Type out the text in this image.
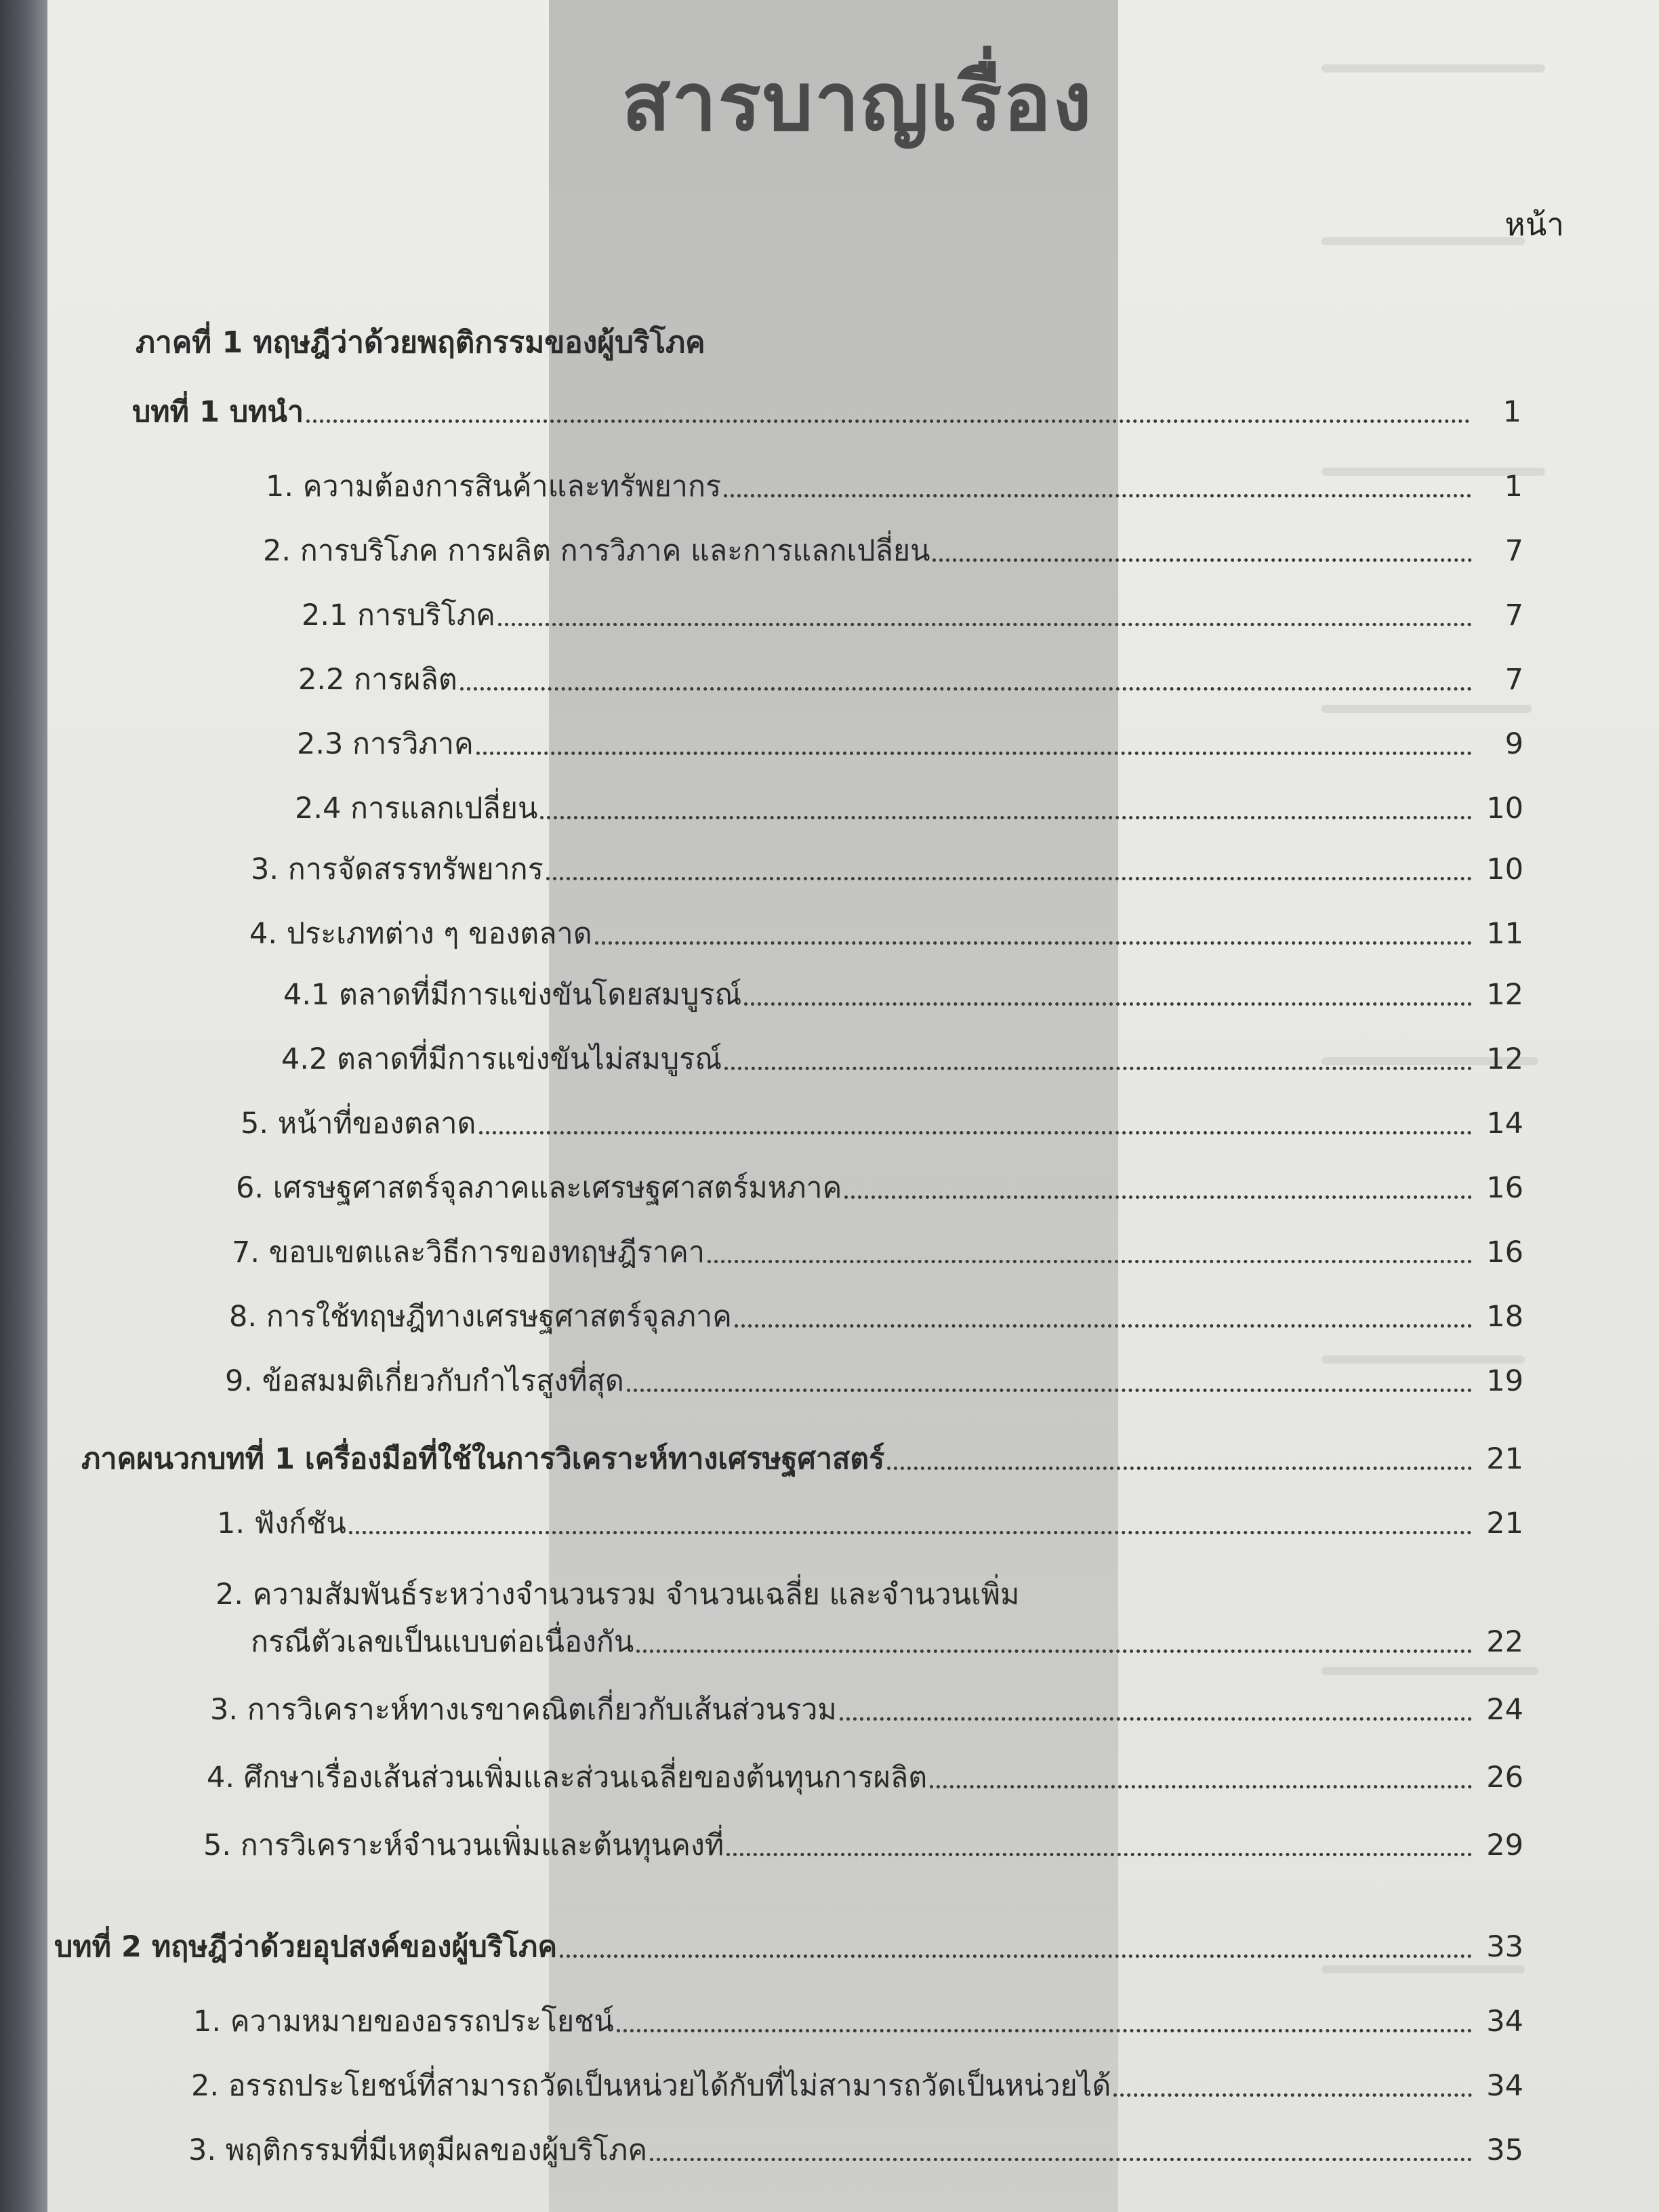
สารบาญเรื่อง
หน้า
ภาคที่ 1 ทฤษฎีว่าด้วยพฤติกรรมของผู้บริโภค
บทที่ 1 บทนำ	1
1. ความต้องการสินค้าและทรัพยากร	1
2. การบริโภค การผลิต การวิภาค และการแลกเปลี่ยน	7
2.1 การบริโภค	7
2.2 การผลิต	7
2.3 การวิภาค	9
2.4 การแลกเปลี่ยน	10
3. การจัดสรรทรัพยากร	10
4. ประเภทต่าง ๆ ของตลาด	11
4.1 ตลาดที่มีการแข่งขันโดยสมบูรณ์	12
4.2 ตลาดที่มีการแข่งขันไม่สมบูรณ์	12
5. หน้าที่ของตลาด	14
6. เศรษฐศาสตร์จุลภาคและเศรษฐศาสตร์มหภาค	16
7. ขอบเขตและวิธีการของทฤษฎีราคา	16
8. การใช้ทฤษฎีทางเศรษฐศาสตร์จุลภาค	18
9. ข้อสมมติเกี่ยวกับกำไรสูงที่สุด	19
ภาคผนวกบทที่ 1 เครื่องมือที่ใช้ในการวิเคราะห์ทางเศรษฐศาสตร์	21
1. ฟังก์ชัน	21
2. ความสัมพันธ์ระหว่างจำนวนรวม จำนวนเฉลี่ย และจำนวนเพิ่ม
กรณีตัวเลขเป็นแบบต่อเนื่องกัน	22
3. การวิเคราะห์ทางเรขาคณิตเกี่ยวกับเส้นส่วนรวม	24
4. ศึกษาเรื่องเส้นส่วนเพิ่มและส่วนเฉลี่ยของต้นทุนการผลิต	26
5. การวิเคราะห์จำนวนเพิ่มและต้นทุนคงที่	29
บทที่ 2 ทฤษฎีว่าด้วยอุปสงค์ของผู้บริโภค	33
1. ความหมายของอรรถประโยชน์	34
2. อรรถประโยชน์ที่สามารถวัดเป็นหน่วยได้กับที่ไม่สามารถวัดเป็นหน่วยได้	34
3. พฤติกรรมที่มีเหตุมีผลของผู้บริโภค	35
